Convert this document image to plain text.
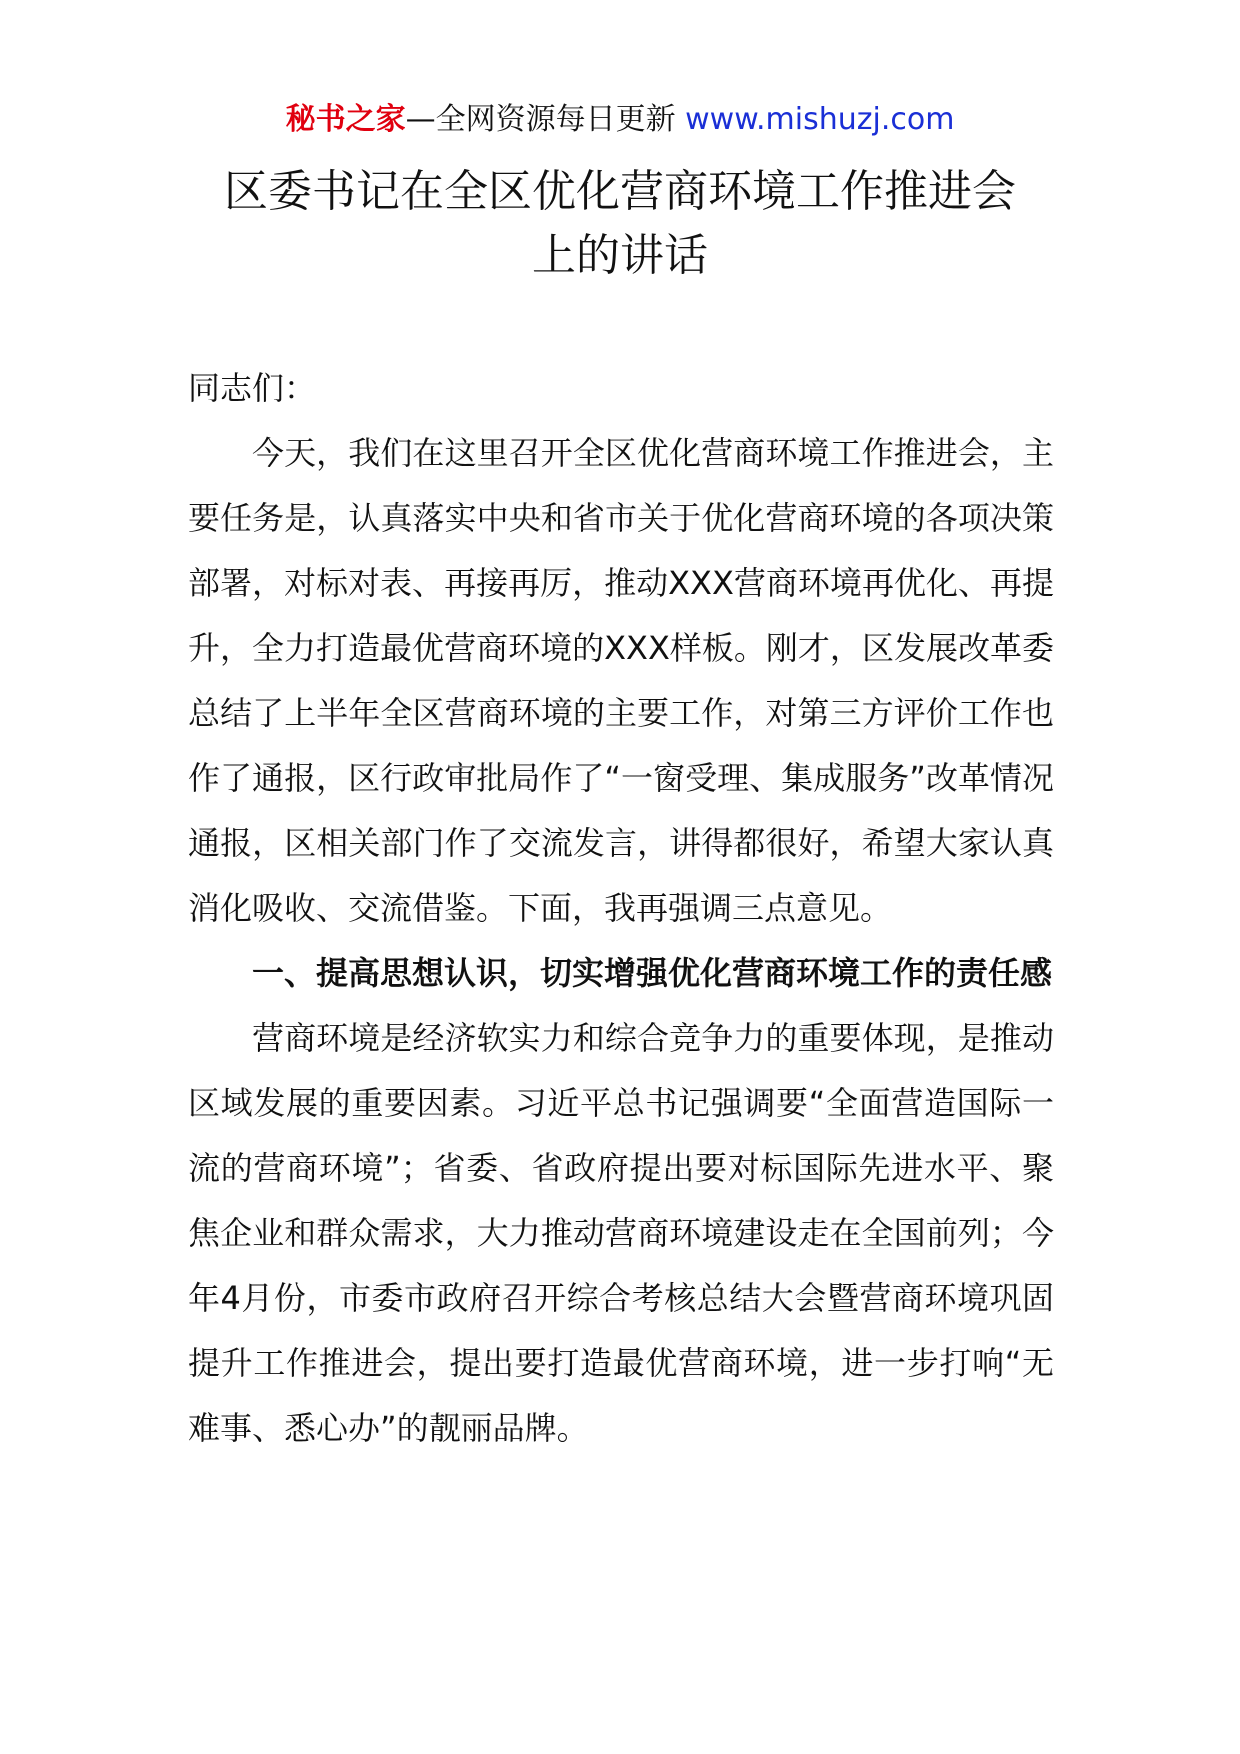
秘书之家—全网资源每日更新 www.mishuzj.com
区委书记在全区优化营商环境工作推进会
上的讲话

同志们：

今天，我们在这里召开全区优化营商环境工作推进会，主要任务是，认真落实中央和省市关于优化营商环境的各项决策部署，对标对表、再接再厉，推动XXX营商环境再优化、再提升，全力打造最优营商环境的XXX样板。刚才，区发展改革委总结了上半年全区营商环境的主要工作，对第三方评价工作也作了通报，区行政审批局作了“一窗受理、集成服务”改革情况通报，区相关部门作了交流发言，讲得都很好，希望大家认真消化吸收、交流借鉴。下面，我再强调三点意见。

一、提高思想认识，切实增强优化营商环境工作的责任感

营商环境是经济软实力和综合竞争力的重要体现，是推动区域发展的重要因素。习近平总书记强调要“全面营造国际一流的营商环境”；省委、省政府提出要对标国际先进水平、聚焦企业和群众需求，大力推动营商环境建设走在全国前列；今年4月份，市委市政府召开综合考核总结大会暨营商环境巩固提升工作推进会，提出要打造最优营商环境，进一步打响“无难事、悉心办”的靓丽品牌。
